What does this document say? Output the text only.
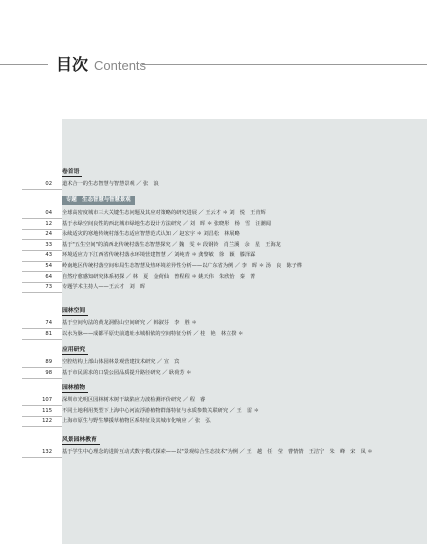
目次 Contents
卷首语
02 道术合一的生态智慧与智慧景观 ／ 张　浪
专题　生态智慧与智慧景观
04 全球高密度城市三大关键生态问题及其应对策略的研究进展 ／ 王云才 ＊ 刘　悦　王肯辉
12 基于水绿空间良性的西北城市绿地生态设计方法研究 ／ 刘　晖 ＊ 张晓彤　杨　雪　汪潮闻
24 永续适灾的寒地传统村落生态适应智慧范式认知 ／ 赵宏宇 ＊ 刘昌松　林展略
33 基于"五生空间"的滇西北传统村落生态智慧探究 ／ 魏　雯 ＊ 段钢铃　肖兰溪　余　星　王海龙
43 环境适应力下江西省传统村落水环境营建智慧 ／ 刘纯青 ＊ 龚黎敏　徐　颖　滕泽霖
54 岭南地区传统村落空间布局生态智慧及热环境差异性分析——以广东省为例 ／ 李　晖 ＊ 汤　良　陈子桦
64 自然疗愈感知研究体系初探 ／ 林　夏　金荷仙　曾程程 ＊ 姚天伟　朱欣怡　秦　菁
73 专题学术主持人——王云才　刘　晖
园林空间
74 基于空间句法的黄龙洞假山空间研究 ／ 韩淑芬　李　胜 ＊
81 以水为脉——成都平原史前遗址水城相依的空间特征分析 ／ 桂　艳　林立揆 ＊
应用研究
89 空腔结构上部山体园林景观营建技术研究 ／ 宣　宾
98 基于市民需求的口袋公园品质提升路径研究 ／ 耿荷芳 ＊
园林植物
107 深圳市光明区园林树木树干缺陷应力波检测评价研究 ／ 程　睿
115 不同土地利用类型下上海中心河流浮游植物群落特征与水质参数关联研究 ／ 王　雷 ＊
122 上海市原生与野生攀援草植物区系特征及其城市化响应 ／ 张　弘
风景园林教育
132 基于学生中心理念的进阶互动式数字模式探索——以"景观综合生态技术"为例 ／ 王　越　任　莹　曹情情　王洁宁　朱　峰　宋　凤 ＊
